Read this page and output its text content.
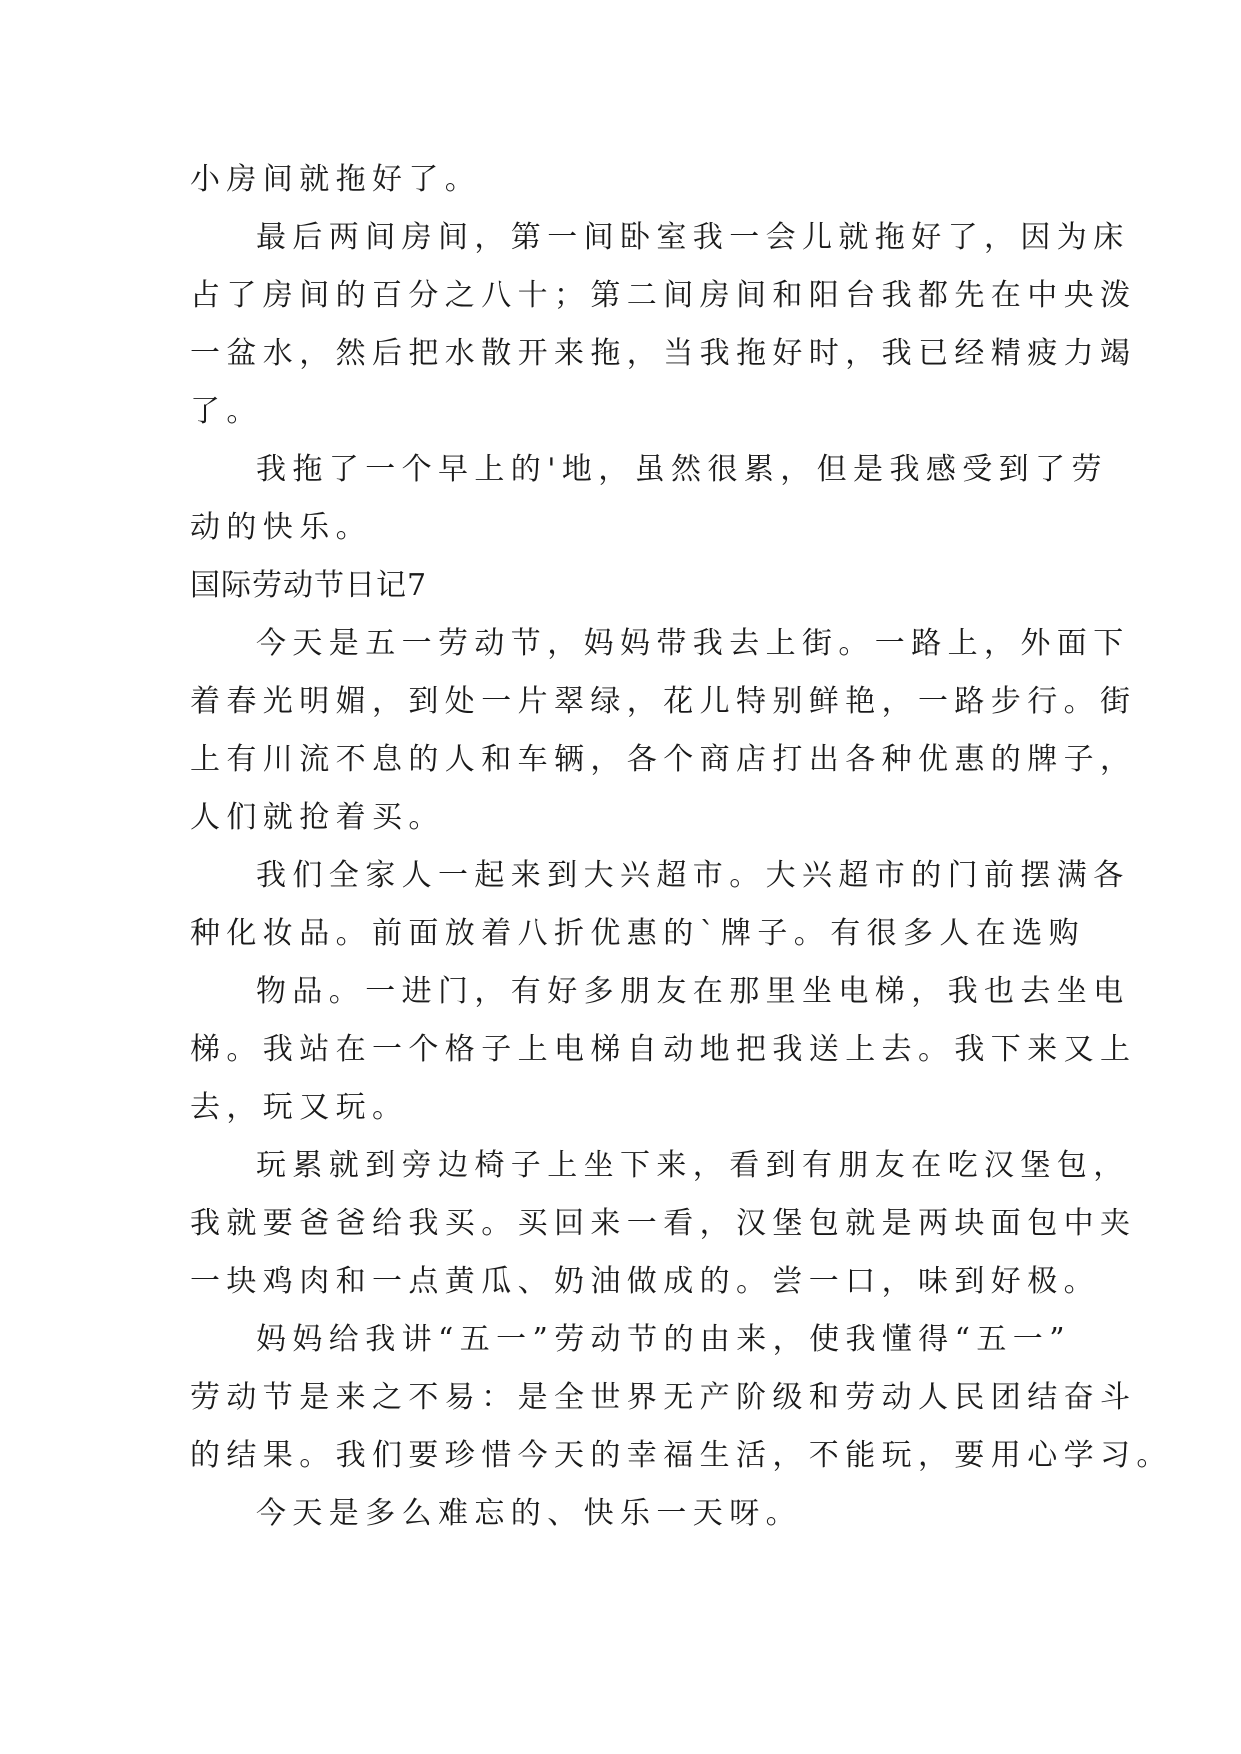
小房间就拖好了。
最后两间房间，第一间卧室我一会儿就拖好了，因为床
占了房间的百分之八十；第二间房间和阳台我都先在中央泼
一盆水，然后把水散开来拖，当我拖好时，我已经精疲力竭
了。
我拖了一个早上的'地，虽然很累，但是我感受到了劳
动的快乐。
国际劳动节日记7
今天是五一劳动节，妈妈带我去上街。一路上，外面下
着春光明媚，到处一片翠绿，花儿特别鲜艳，一路步行。街
上有川流不息的人和车辆，各个商店打出各种优惠的牌子，
人们就抢着买。
我们全家人一起来到大兴超市。大兴超市的门前摆满各
种化妆品。前面放着八折优惠的`牌子。有很多人在选购
物品。一进门，有好多朋友在那里坐电梯，我也去坐电
梯。我站在一个格子上电梯自动地把我送上去。我下来又上
去，玩又玩。
玩累就到旁边椅子上坐下来，看到有朋友在吃汉堡包，
我就要爸爸给我买。买回来一看，汉堡包就是两块面包中夹
一块鸡肉和一点黄瓜、奶油做成的。尝一口，味到好极。
妈妈给我讲“五一”劳动节的由来，使我懂得“五一”
劳动节是来之不易：是全世界无产阶级和劳动人民团结奋斗
的结果。我们要珍惜今天的幸福生活，不能玩，要用心学习。
今天是多么难忘的、快乐一天呀。
